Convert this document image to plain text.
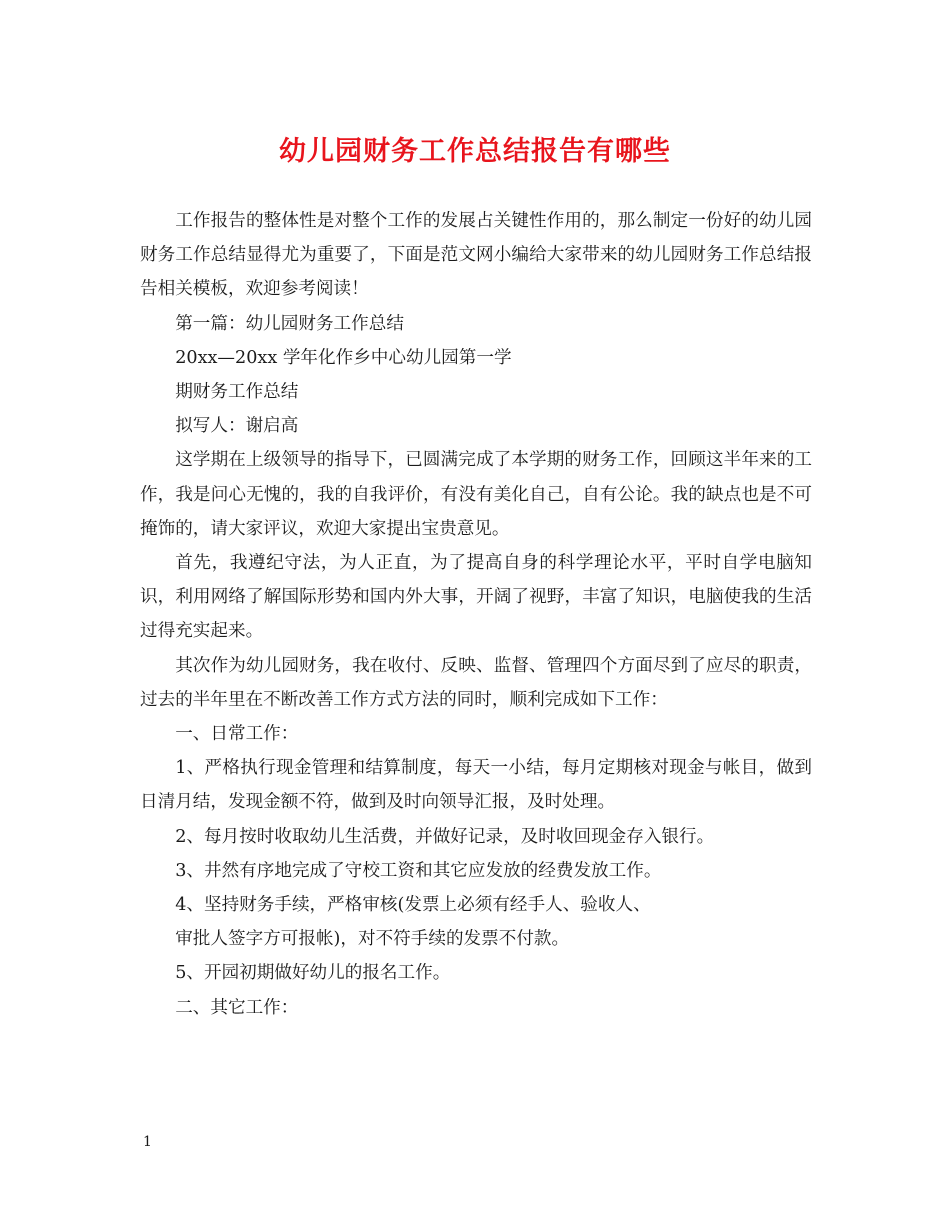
幼儿园财务工作总结报告有哪些

工作报告的整体性是对整个工作的发展占关键性作用的，那么制定一份好的幼儿园财务工作总结显得尤为重要了，下面是范文网小编给大家带来的幼儿园财务工作总结报告相关模板，欢迎参考阅读！

第一篇：幼儿园财务工作总结

20xx—20xx 学年化作乡中心幼儿园第一学

期财务工作总结

拟写人：谢启高

这学期在上级领导的指导下，已圆满完成了本学期的财务工作，回顾这半年来的工作，我是问心无愧的，我的自我评价，有没有美化自己，自有公论。我的缺点也是不可掩饰的，请大家评议，欢迎大家提出宝贵意见。

首先，我遵纪守法，为人正直，为了提高自身的科学理论水平，平时自学电脑知识，利用网络了解国际形势和国内外大事，开阔了视野，丰富了知识，电脑使我的生活过得充实起来。

其次作为幼儿园财务，我在收付、反映、监督、管理四个方面尽到了应尽的职责，过去的半年里在不断改善工作方式方法的同时，顺利完成如下工作：

一、日常工作：

1、严格执行现金管理和结算制度，每天一小结，每月定期核对现金与帐目，做到日清月结，发现金额不符，做到及时向领导汇报，及时处理。

2、每月按时收取幼儿生活费，并做好记录，及时收回现金存入银行。

3、井然有序地完成了守校工资和其它应发放的经费发放工作。

4、坚持财务手续，严格审核(发票上必须有经手人、验收人、

审批人签字方可报帐)，对不符手续的发票不付款。

5、开园初期做好幼儿的报名工作。

二、其它工作：

1
